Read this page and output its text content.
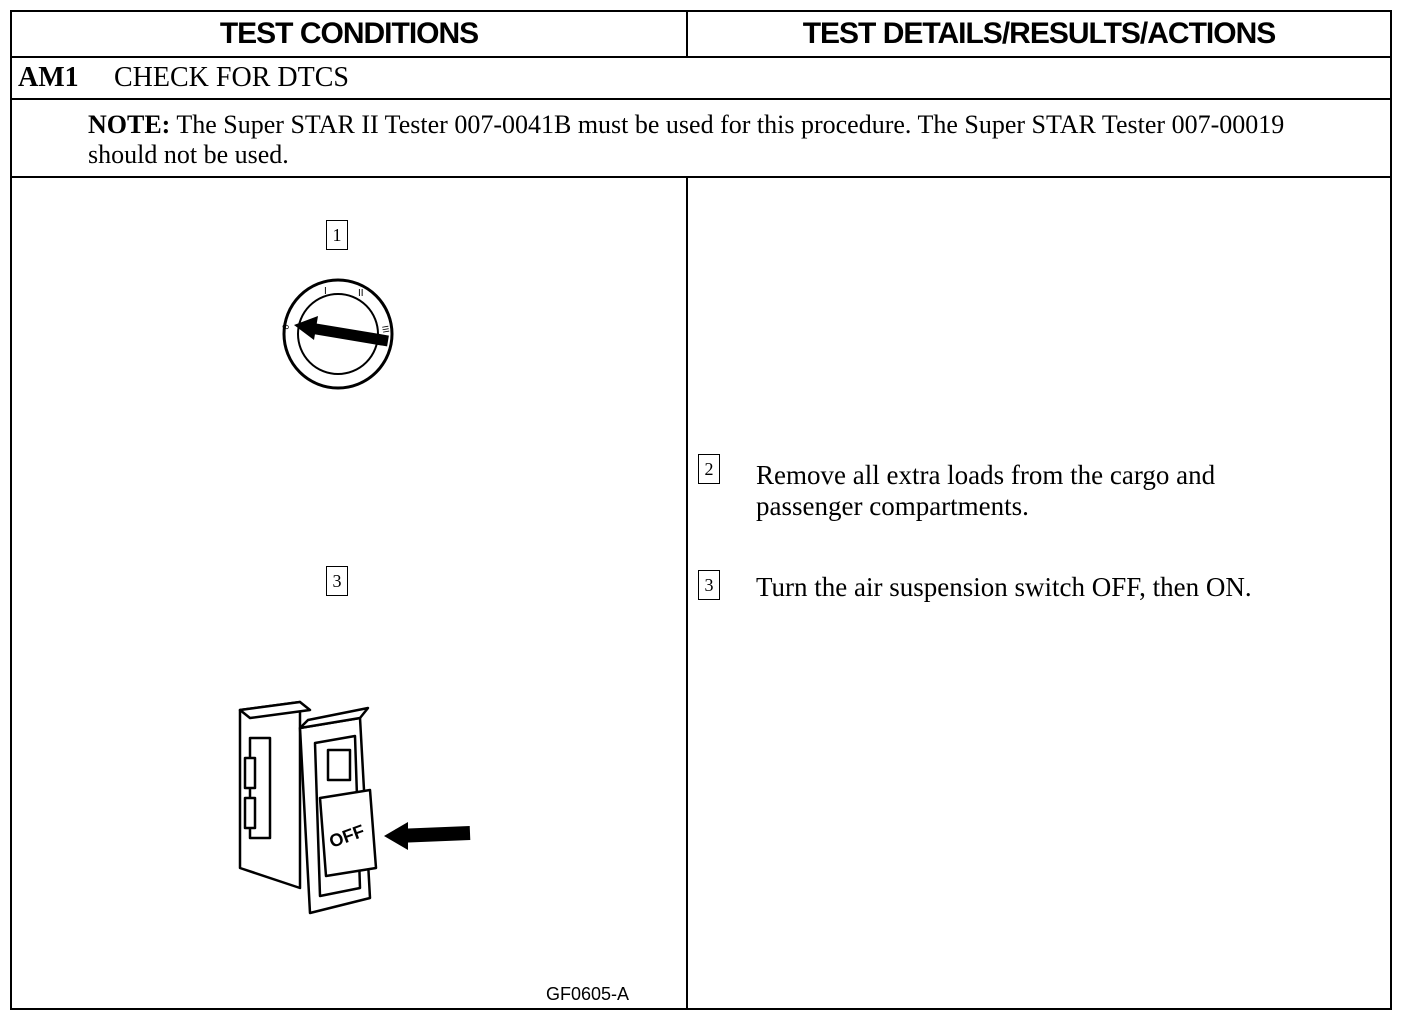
TEST CONDITIONS	TEST DETAILS/RESULTS/ACTIONS
AM1	CHECK FOR DTCS
NOTE: The Super STAR II Tester 007-0041B must be used for this procedure. The Super STAR Tester 007-00019 should not be used.
1
0
I	II
III
3
OFF
GF0605-A
2 Remove all extra loads from the cargo and passenger compartments.
3 Turn the air suspension switch OFF, then ON.
